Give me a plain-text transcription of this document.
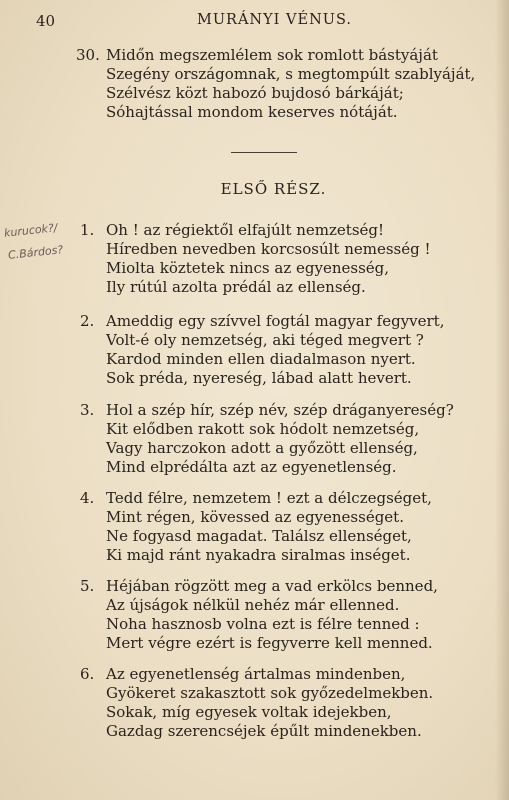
40	MURÁNYI VÉNUS.
30. Midőn megszemlélem sok romlott bástyáját
Szegény országomnak, s megtompúlt szablyáját,
Szélvész közt habozó bujdosó bárkáját;
Sóhajtással mondom keserves nótáját.
ELSŐ RÉSZ.
kurucok?/
C.Bárdos?
1. Oh ! az régiektől elfajúlt nemzetség!
Híredben nevedben korcsosúlt nemesség !
Miolta köztetek nincs az egyenesség,
Ily rútúl azolta prédál az ellenség.
2. Ameddig egy szívvel fogtál magyar fegyvert,
Volt-é oly nemzetség, aki téged megvert ?
Kardod minden ellen diadalmason nyert.
Sok préda, nyereség, lábad alatt hevert.
3. Hol a szép hír, szép név, szép dráganyereség?
Kit elődben rakott sok hódolt nemzetség,
Vagy harczokon adott a győzött ellenség,
Mind elprédálta azt az egyenetlenség.
4. Tedd félre, nemzetem ! ezt a délczegséget,
Mint régen, kövessed az egyenességet.
Ne fogyasd magadat. Találsz ellenséget,
Ki majd ránt nyakadra siralmas inséget.
5. Héjában rögzött meg a vad erkölcs benned,
Az újságok nélkül nehéz már ellenned.
Noha hasznosb volna ezt is félre tenned :
Mert végre ezért is fegyverre kell menned.
6. Az egyenetlenség ártalmas mindenben,
Gyökeret szakasztott sok győzedelmekben.
Sokak, míg egyesek voltak idejekben,
Gazdag szerencséjek épűlt mindenekben.
